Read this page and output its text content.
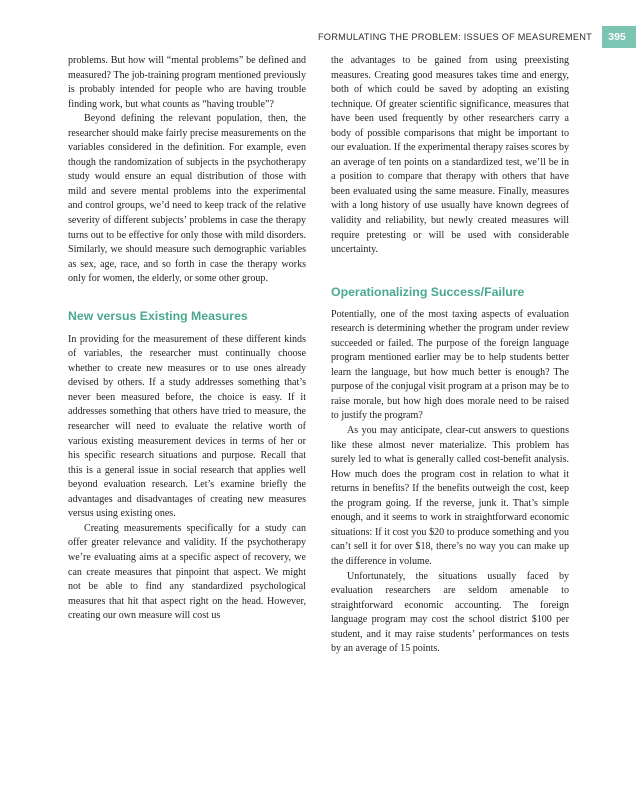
FORMULATING THE PROBLEM: ISSUES OF MEASUREMENT	395

problems. But how will “mental problems” be defined and measured? The job-training program mentioned previously is probably intended for people who are having trouble finding work, but what counts as “having trouble”?

Beyond defining the relevant population, then, the researcher should make fairly precise measurements on the variables considered in the definition. For example, even though the randomization of subjects in the psychotherapy study would ensure an equal distribution of those with mild and severe mental problems into the experimental and control groups, we’d need to keep track of the relative severity of different subjects’ problems in case the therapy turns out to be effective for only those with mild disorders. Similarly, we should measure such demographic variables as sex, age, race, and so forth in case the therapy works only for women, the elderly, or some other group.

New versus Existing Measures

In providing for the measurement of these different kinds of variables, the researcher must continually choose whether to create new measures or to use ones already devised by others. If a study addresses something that’s never been measured before, the choice is easy. If it addresses something that others have tried to measure, the researcher will need to evaluate the relative worth of various existing measurement devices in terms of her or his specific research situations and purpose. Recall that this is a general issue in social research that applies well beyond evaluation research. Let’s examine briefly the advantages and disadvantages of creating new measures versus using existing ones.

Creating measurements specifically for a study can offer greater relevance and validity. If the psychotherapy we’re evaluating aims at a specific aspect of recovery, we can create measures that pinpoint that aspect. We might not be able to find any standardized psychological measures that hit that aspect right on the head. However, creating our own measure will cost us

the advantages to be gained from using preexisting measures. Creating good measures takes time and energy, both of which could be saved by adopting an existing technique. Of greater scientific significance, measures that have been used frequently by other researchers carry a body of possible comparisons that might be important to our evaluation. If the experimental therapy raises scores by an average of ten points on a standardized test, we’ll be in a position to compare that therapy with others that have been evaluated using the same measure. Finally, measures with a long history of use usually have known degrees of validity and reliability, but newly created measures will require pretesting or will be used with considerable uncertainty.

Operationalizing Success/Failure

Potentially, one of the most taxing aspects of evaluation research is determining whether the program under review succeeded or failed. The purpose of the foreign language program mentioned earlier may be to help students better learn the language, but how much better is enough? The purpose of the conjugal visit program at a prison may be to raise morale, but how high does morale need to be raised to justify the program?

As you may anticipate, clear-cut answers to questions like these almost never materialize. This problem has surely led to what is generally called cost-benefit analysis. How much does the program cost in relation to what it returns in benefits? If the benefits outweigh the cost, keep the program going. If the reverse, junk it. That’s simple enough, and it seems to work in straightforward economic situations: If it cost you $20 to produce something and you can’t sell it for over $18, there’s no way you can make up the difference in volume.

Unfortunately, the situations usually faced by evaluation researchers are seldom amenable to straightforward economic accounting. The foreign language program may cost the school district $100 per student, and it may raise students’ performances on tests by an average of 15 points.
